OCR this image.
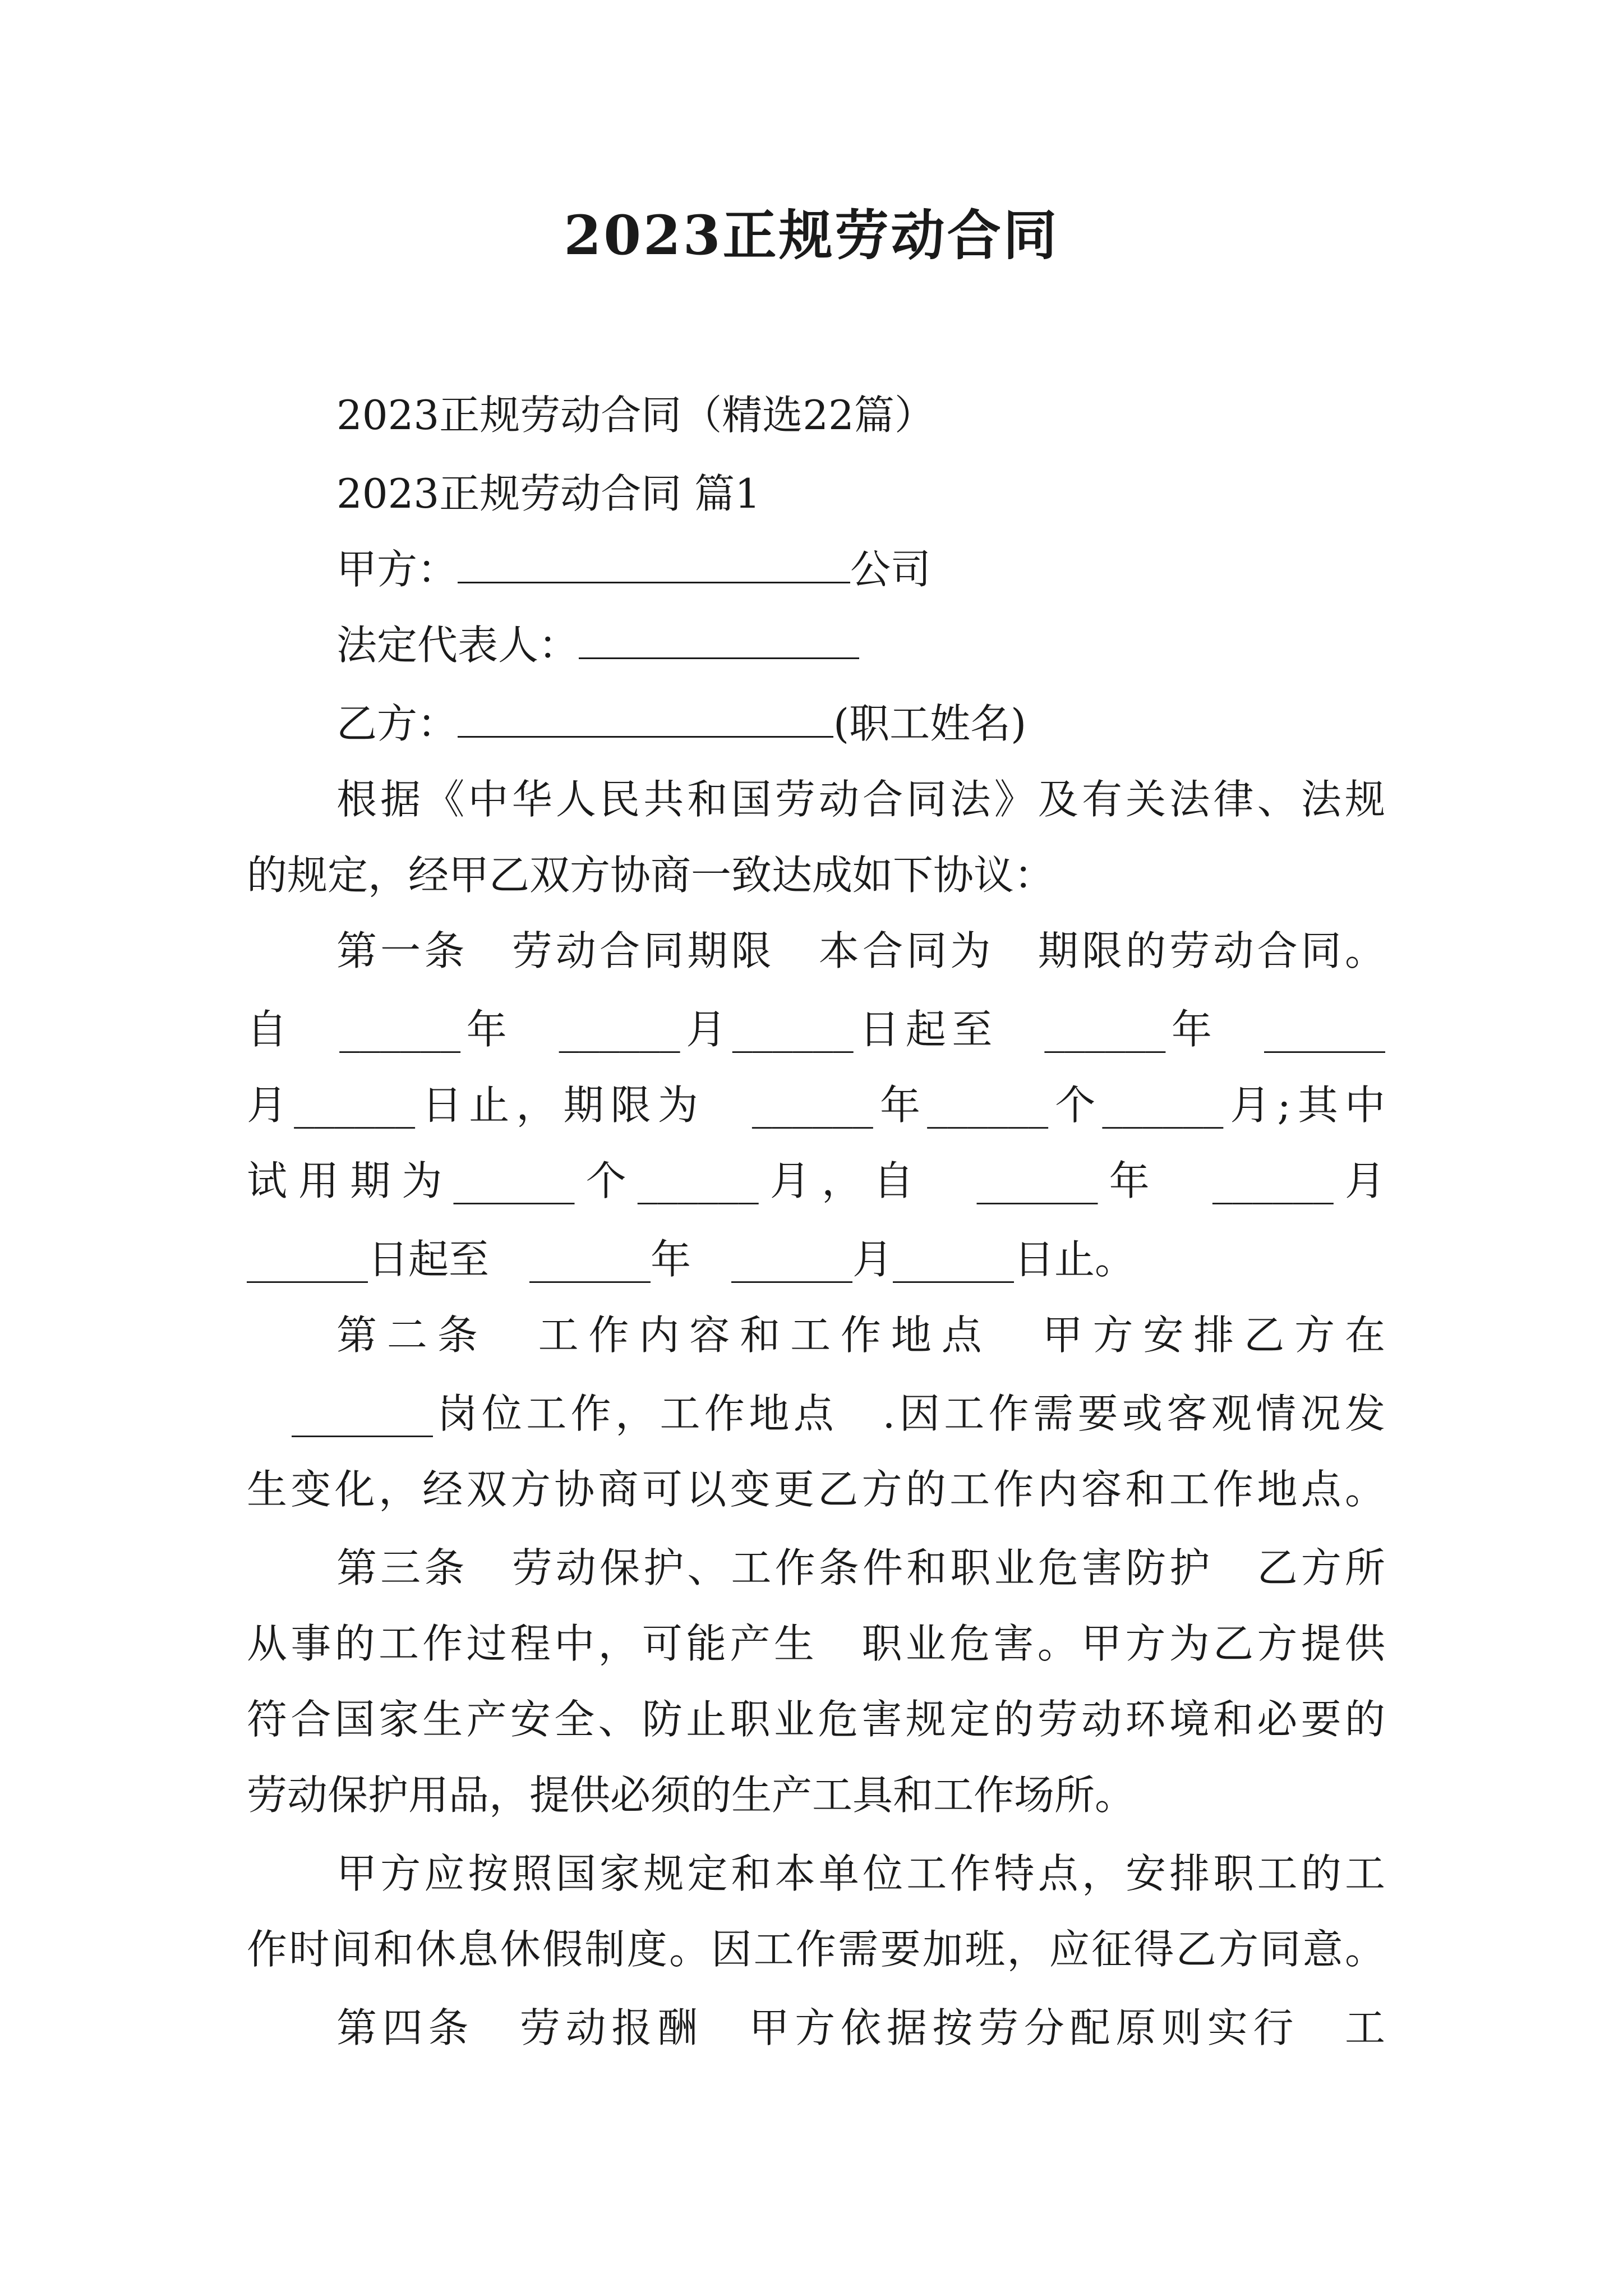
2023正规劳动合同
2023正规劳动合同（精选22篇）
2023正规劳动合同 篇1
甲方：	公司
法定代表人：
乙方：	(职工姓名)
根据《中华人民共和国劳动合同法》及有关法律、法规
的规定，经甲乙双方协商一致达成如下协议：
第一条　劳动合同期限　本合同为　期限的劳动合同。
自　______年　______月______日起至　______年　______
月______日止，期限为　______年______个______月;其中
试用期为______个______月，自　______年　______月
______日起至　______年　______月______日止。
第二条　工作内容和工作地点　甲方安排乙方在
_______岗位工作，工作地点　.因工作需要或客观情况发
生变化，经双方协商可以变更乙方的工作内容和工作地点。
第三条　劳动保护、工作条件和职业危害防护　乙方所
从事的工作过程中，可能产生　职业危害。甲方为乙方提供
符合国家生产安全、防止职业危害规定的劳动环境和必要的
劳动保护用品，提供必须的生产工具和工作场所。
甲方应按照国家规定和本单位工作特点，安排职工的工
作时间和休息休假制度。因工作需要加班，应征得乙方同意。
第四条　劳动报酬　甲方依据按劳分配原则实行　工
